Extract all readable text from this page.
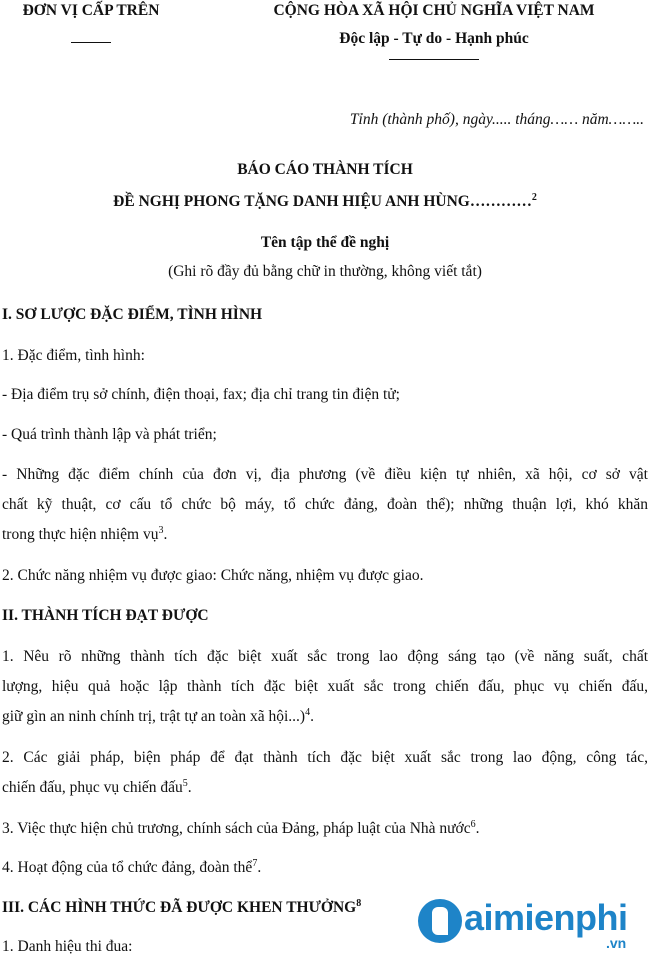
ĐƠN VỊ CẤP TRÊN	CỘNG HÒA XÃ HỘI CHỦ NGHĨA VIỆT NAM
Độc lập - Tự do - Hạnh phúc
Tỉnh (thành phố), ngày..... tháng…… năm……..
BÁO CÁO THÀNH TÍCH
ĐỀ NGHỊ PHONG TẶNG DANH HIỆU ANH HÙNG…………$^2$
Tên tập thể đề nghị
(Ghi rõ đầy đủ bằng chữ in thường, không viết tắt)
I. SƠ LƯỢC ĐẶC ĐIỂM, TÌNH HÌNH
1. Đặc điểm, tình hình:
- Địa điểm trụ sở chính, điện thoại, fax; địa chỉ trang tin điện tử;
- Quá trình thành lập và phát triển;
- Những đặc điểm chính của đơn vị, địa phương (về điều kiện tự nhiên, xã hội, cơ sở vật
chất kỹ thuật, cơ cấu tổ chức bộ máy, tổ chức đảng, đoàn thể); những thuận lợi, khó khăn
trong thực hiện nhiệm vụ$^3$.
2. Chức năng nhiệm vụ được giao: Chức năng, nhiệm vụ được giao.
II. THÀNH TÍCH ĐẠT ĐƯỢC
1. Nêu rõ những thành tích đặc biệt xuất sắc trong lao động sáng tạo (về năng suất, chất
lượng, hiệu quả hoặc lập thành tích đặc biệt xuất sắc trong chiến đấu, phục vụ chiến đấu,
giữ gìn an ninh chính trị, trật tự an toàn xã hội...)$^4$.
2. Các giải pháp, biện pháp để đạt thành tích đặc biệt xuất sắc trong lao động, công tác,
chiến đấu, phục vụ chiến đấu$^5$.
3. Việc thực hiện chủ trương, chính sách của Đảng, pháp luật của Nhà nước$^6$.
4. Hoạt động của tổ chức đảng, đoàn thể$^7$.
III. CÁC HÌNH THỨC ĐÃ ĐƯỢC KHEN THƯỞNG$^8$
1. Danh hiệu thi đua:
aimienphi
.vn
